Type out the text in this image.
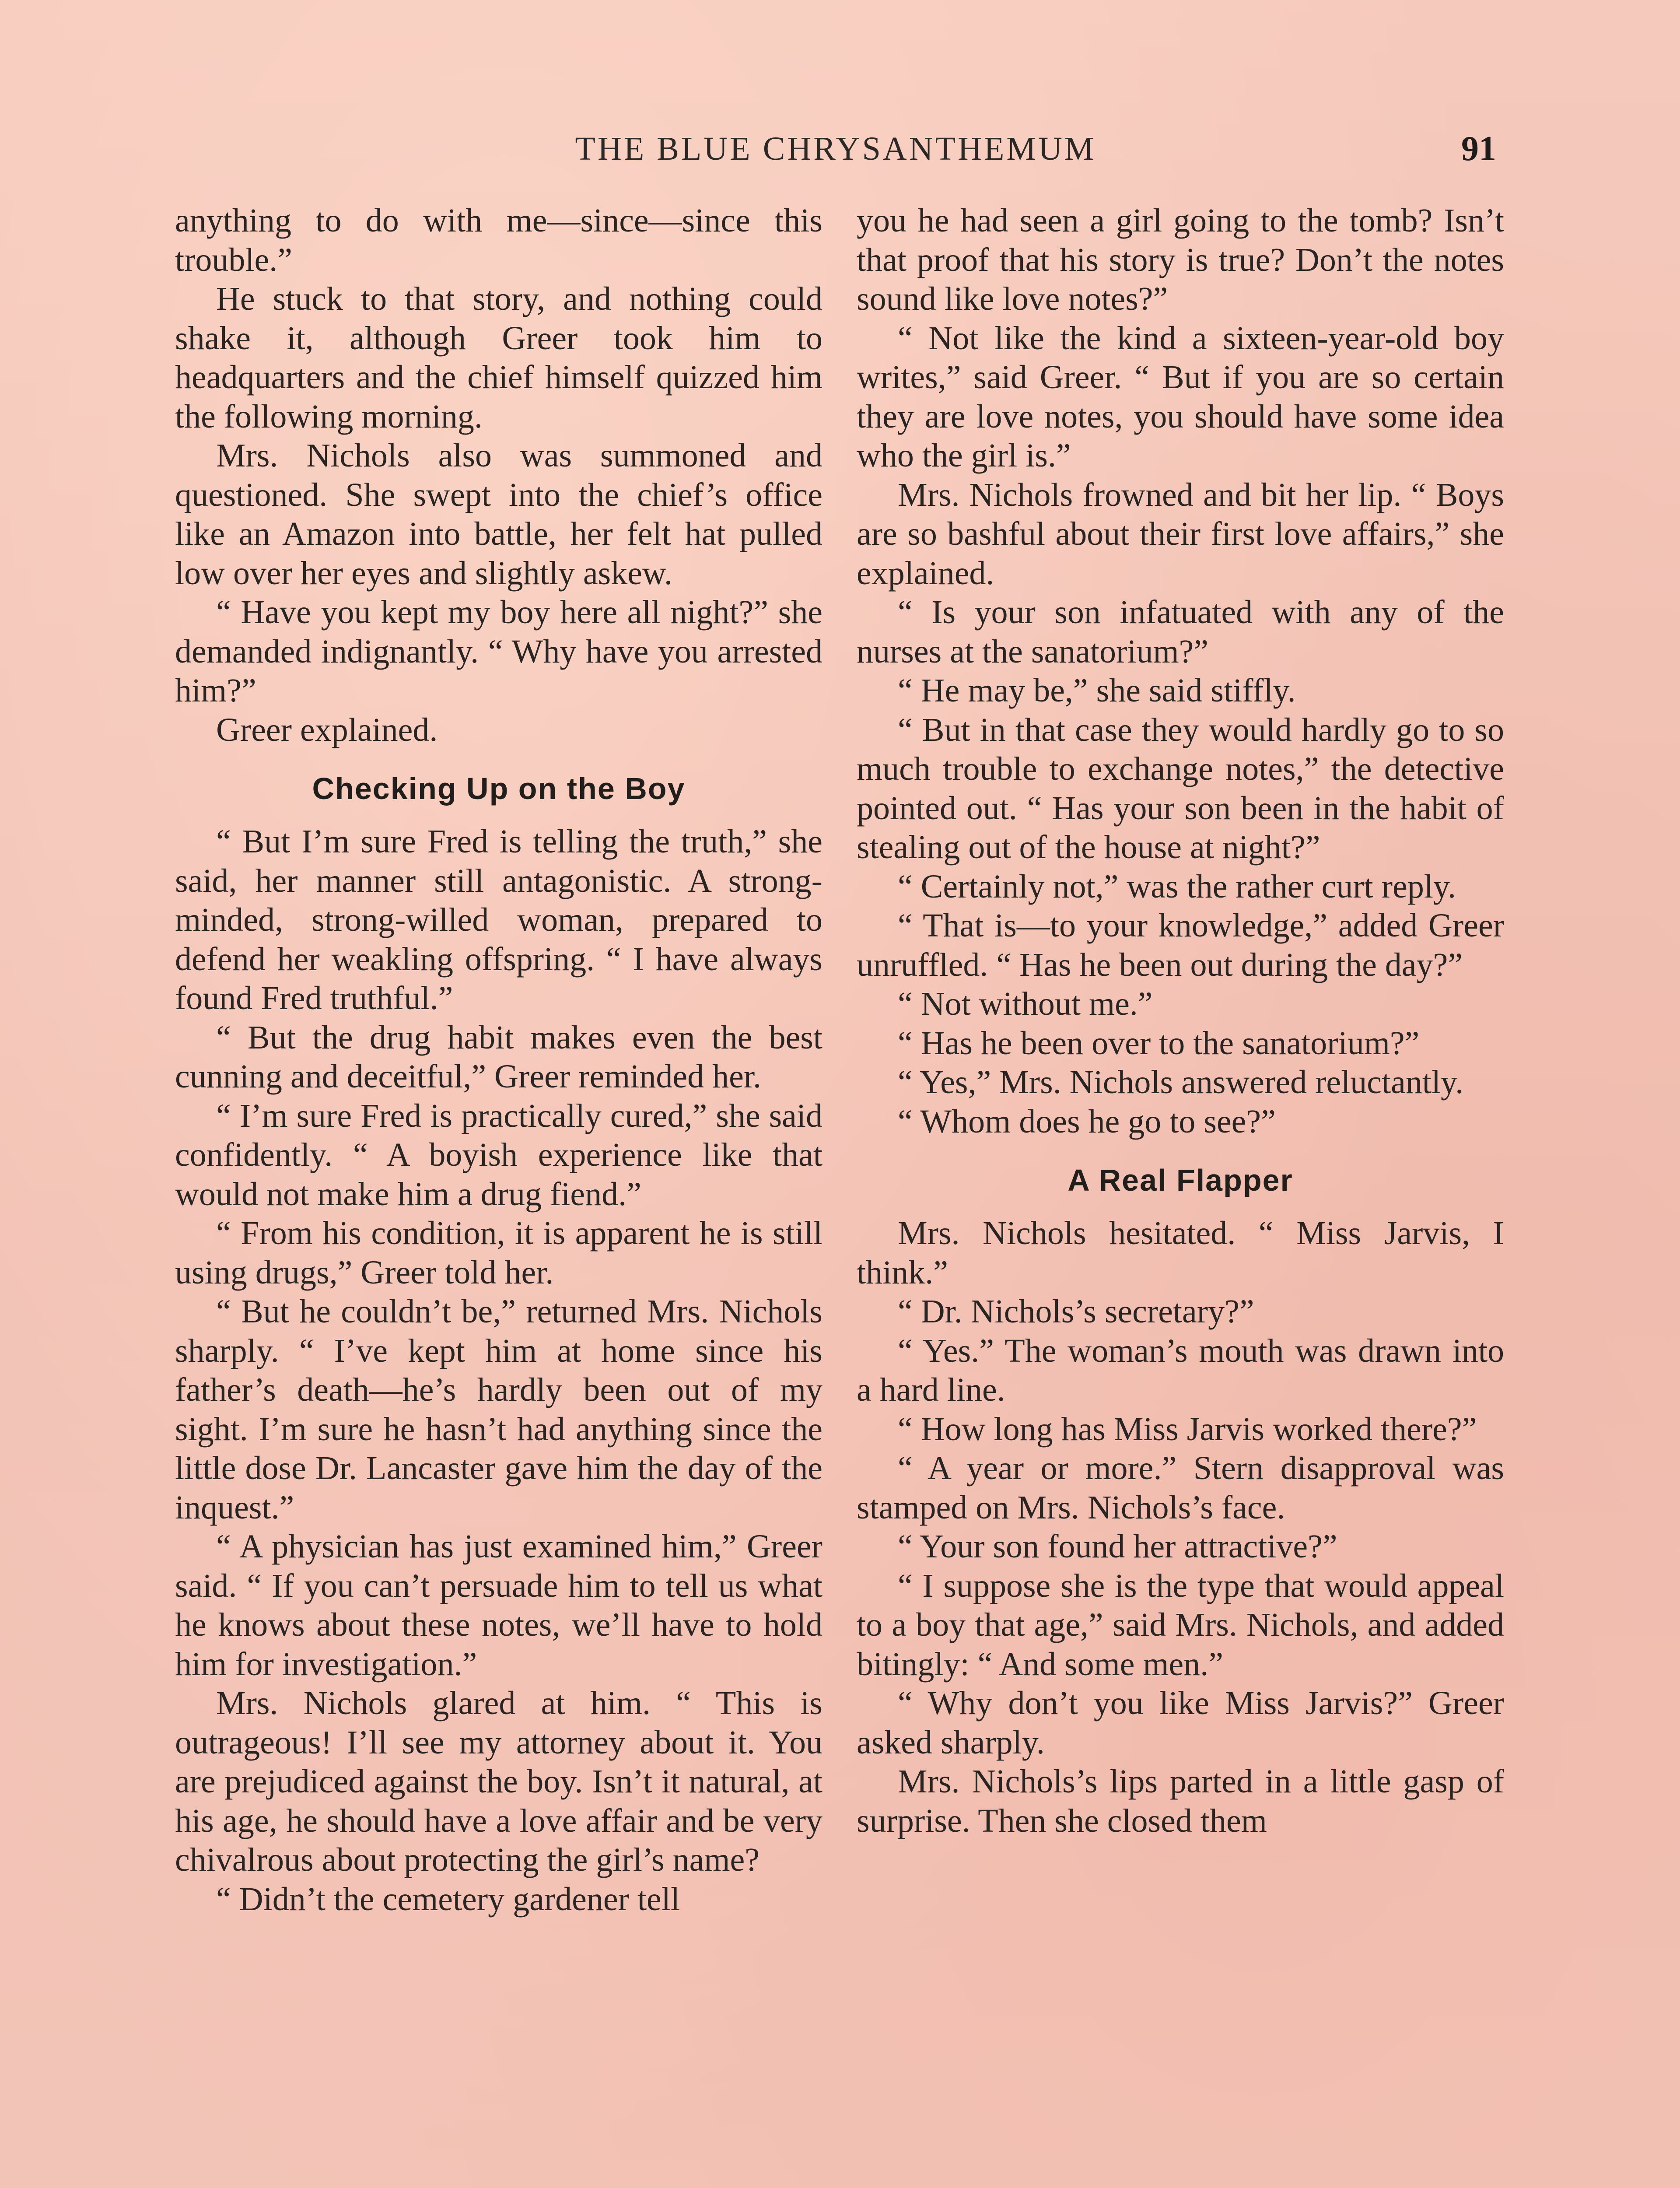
THE BLUE CHRYSANTHEMUM	91

anything to do with me—since—since this trouble.”

He stuck to that story, and nothing could shake it, although Greer took him to headquarters and the chief himself quizzed him the following morning.

Mrs. Nichols also was summoned and questioned. She swept into the chief’s office like an Amazon into battle, her felt hat pulled low over her eyes and slightly askew.

“ Have you kept my boy here all night?” she demanded indignantly. “ Why have you arrested him?”

Greer explained.

Checking Up on the Boy

“ But I’m sure Fred is telling the truth,” she said, her manner still antagonistic. A strong-minded, strong-willed woman, prepared to defend her weakling offspring. “ I have always found Fred truthful.”

“ But the drug habit makes even the best cunning and deceitful,” Greer reminded her.

“ I’m sure Fred is practically cured,” she said confidently. “ A boyish experience like that would not make him a drug fiend.”

“ From his condition, it is apparent he is still using drugs,” Greer told her.

“ But he couldn’t be,” returned Mrs. Nichols sharply. “ I’ve kept him at home since his father’s death—he’s hardly been out of my sight. I’m sure he hasn’t had anything since the little dose Dr. Lancaster gave him the day of the inquest.”

“ A physician has just examined him,” Greer said. “ If you can’t persuade him to tell us what he knows about these notes, we’ll have to hold him for investigation.”

Mrs. Nichols glared at him. “ This is outrageous! I’ll see my attorney about it. You are prejudiced against the boy. Isn’t it natural, at his age, he should have a love affair and be very chivalrous about protecting the girl’s name?

“ Didn’t the cemetery gardener tell

you he had seen a girl going to the tomb? Isn’t that proof that his story is true? Don’t the notes sound like love notes?”

“ Not like the kind a sixteen-year-old boy writes,” said Greer. “ But if you are so certain they are love notes, you should have some idea who the girl is.”

Mrs. Nichols frowned and bit her lip. “ Boys are so bashful about their first love affairs,” she explained.

“ Is your son infatuated with any of the nurses at the sanatorium?”

“ He may be,” she said stiffly.

“ But in that case they would hardly go to so much trouble to exchange notes,” the detective pointed out. “ Has your son been in the habit of stealing out of the house at night?”

“ Certainly not,” was the rather curt reply.

“ That is—to your knowledge,” added Greer unruffled. “ Has he been out during the day?”

“ Not without me.”

“ Has he been over to the sanatorium?”

“ Yes,” Mrs. Nichols answered reluctantly.

“ Whom does he go to see?”

A Real Flapper

Mrs. Nichols hesitated. “ Miss Jarvis, I think.”

“ Dr. Nichols’s secretary?”

“ Yes.” The woman’s mouth was drawn into a hard line.

“ How long has Miss Jarvis worked there?”

“ A year or more.” Stern disapproval was stamped on Mrs. Nichols’s face.

“ Your son found her attractive?”

“ I suppose she is the type that would appeal to a boy that age,” said Mrs. Nichols, and added bitingly: “ And some men.”

“ Why don’t you like Miss Jarvis?” Greer asked sharply.

Mrs. Nichols’s lips parted in a little gasp of surprise. Then she closed them
